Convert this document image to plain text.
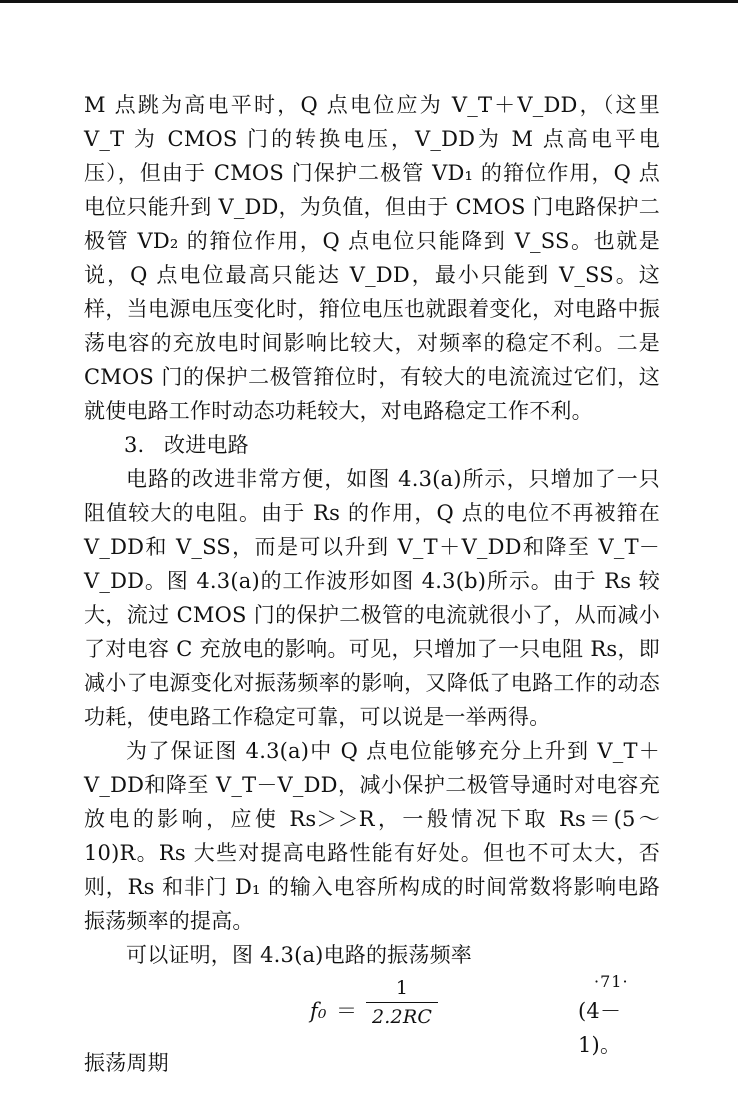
M 点跳为高电平时，Q 点电位应为 V_T＋V_DD，（这里 V_T 为 CMOS 门的转换电压，V_DD为 M 点高电平电压），但由于 CMOS 门保护二极管 VD₁ 的箝位作用，Q 点电位只能升到 V_DD，为负值，但由于 CMOS 门电路保护二极管 VD₂ 的箝位作用，Q 点电位只能降到 V_SS。也就是说，Q 点电位最高只能达 V_DD，最小只能到 V_SS。这样，当电源电压变化时，箝位电压也就跟着变化，对电路中振荡电容的充放电时间影响比较大，对频率的稳定不利。二是 CMOS 门的保护二极管箝位时，有较大的电流流过它们，这就使电路工作时动态功耗较大，对电路稳定工作不利。

3. 改进电路

电路的改进非常方便，如图 4.3(a)所示，只增加了一只阻值较大的电阻。由于 Rs 的作用，Q 点的电位不再被箝在 V_DD和 V_SS，而是可以升到 V_T＋V_DD和降至 V_T－V_DD。图 4.3(a)的工作波形如图 4.3(b)所示。由于 Rs 较大，流过 CMOS 门的保护二极管的电流就很小了，从而减小了对电容 C 充放电的影响。可见，只增加了一只电阻 Rs，即减小了电源变化对振荡频率的影响，又降低了电路工作的动态功耗，使电路工作稳定可靠，可以说是一举两得。

为了保证图 4.3(a)中 Q 点电位能够充分上升到 V_T＋V_DD和降至 V_T－V_DD，减小保护二极管导通时对电容充放电的影响，应使 Rs＞＞R，一般情况下取 Rs＝(5～10)R。Rs 大些对提高电路性能有好处。但也不可太大，否则，Rs 和非门 D₁ 的输入电容所构成的时间常数将影响电路振荡频率的提高。

可以证明，图 4.3(a)电路的振荡频率

$f_0 = \frac{1}{2.2RC}$	(4－1)。

振荡周期

·71·
